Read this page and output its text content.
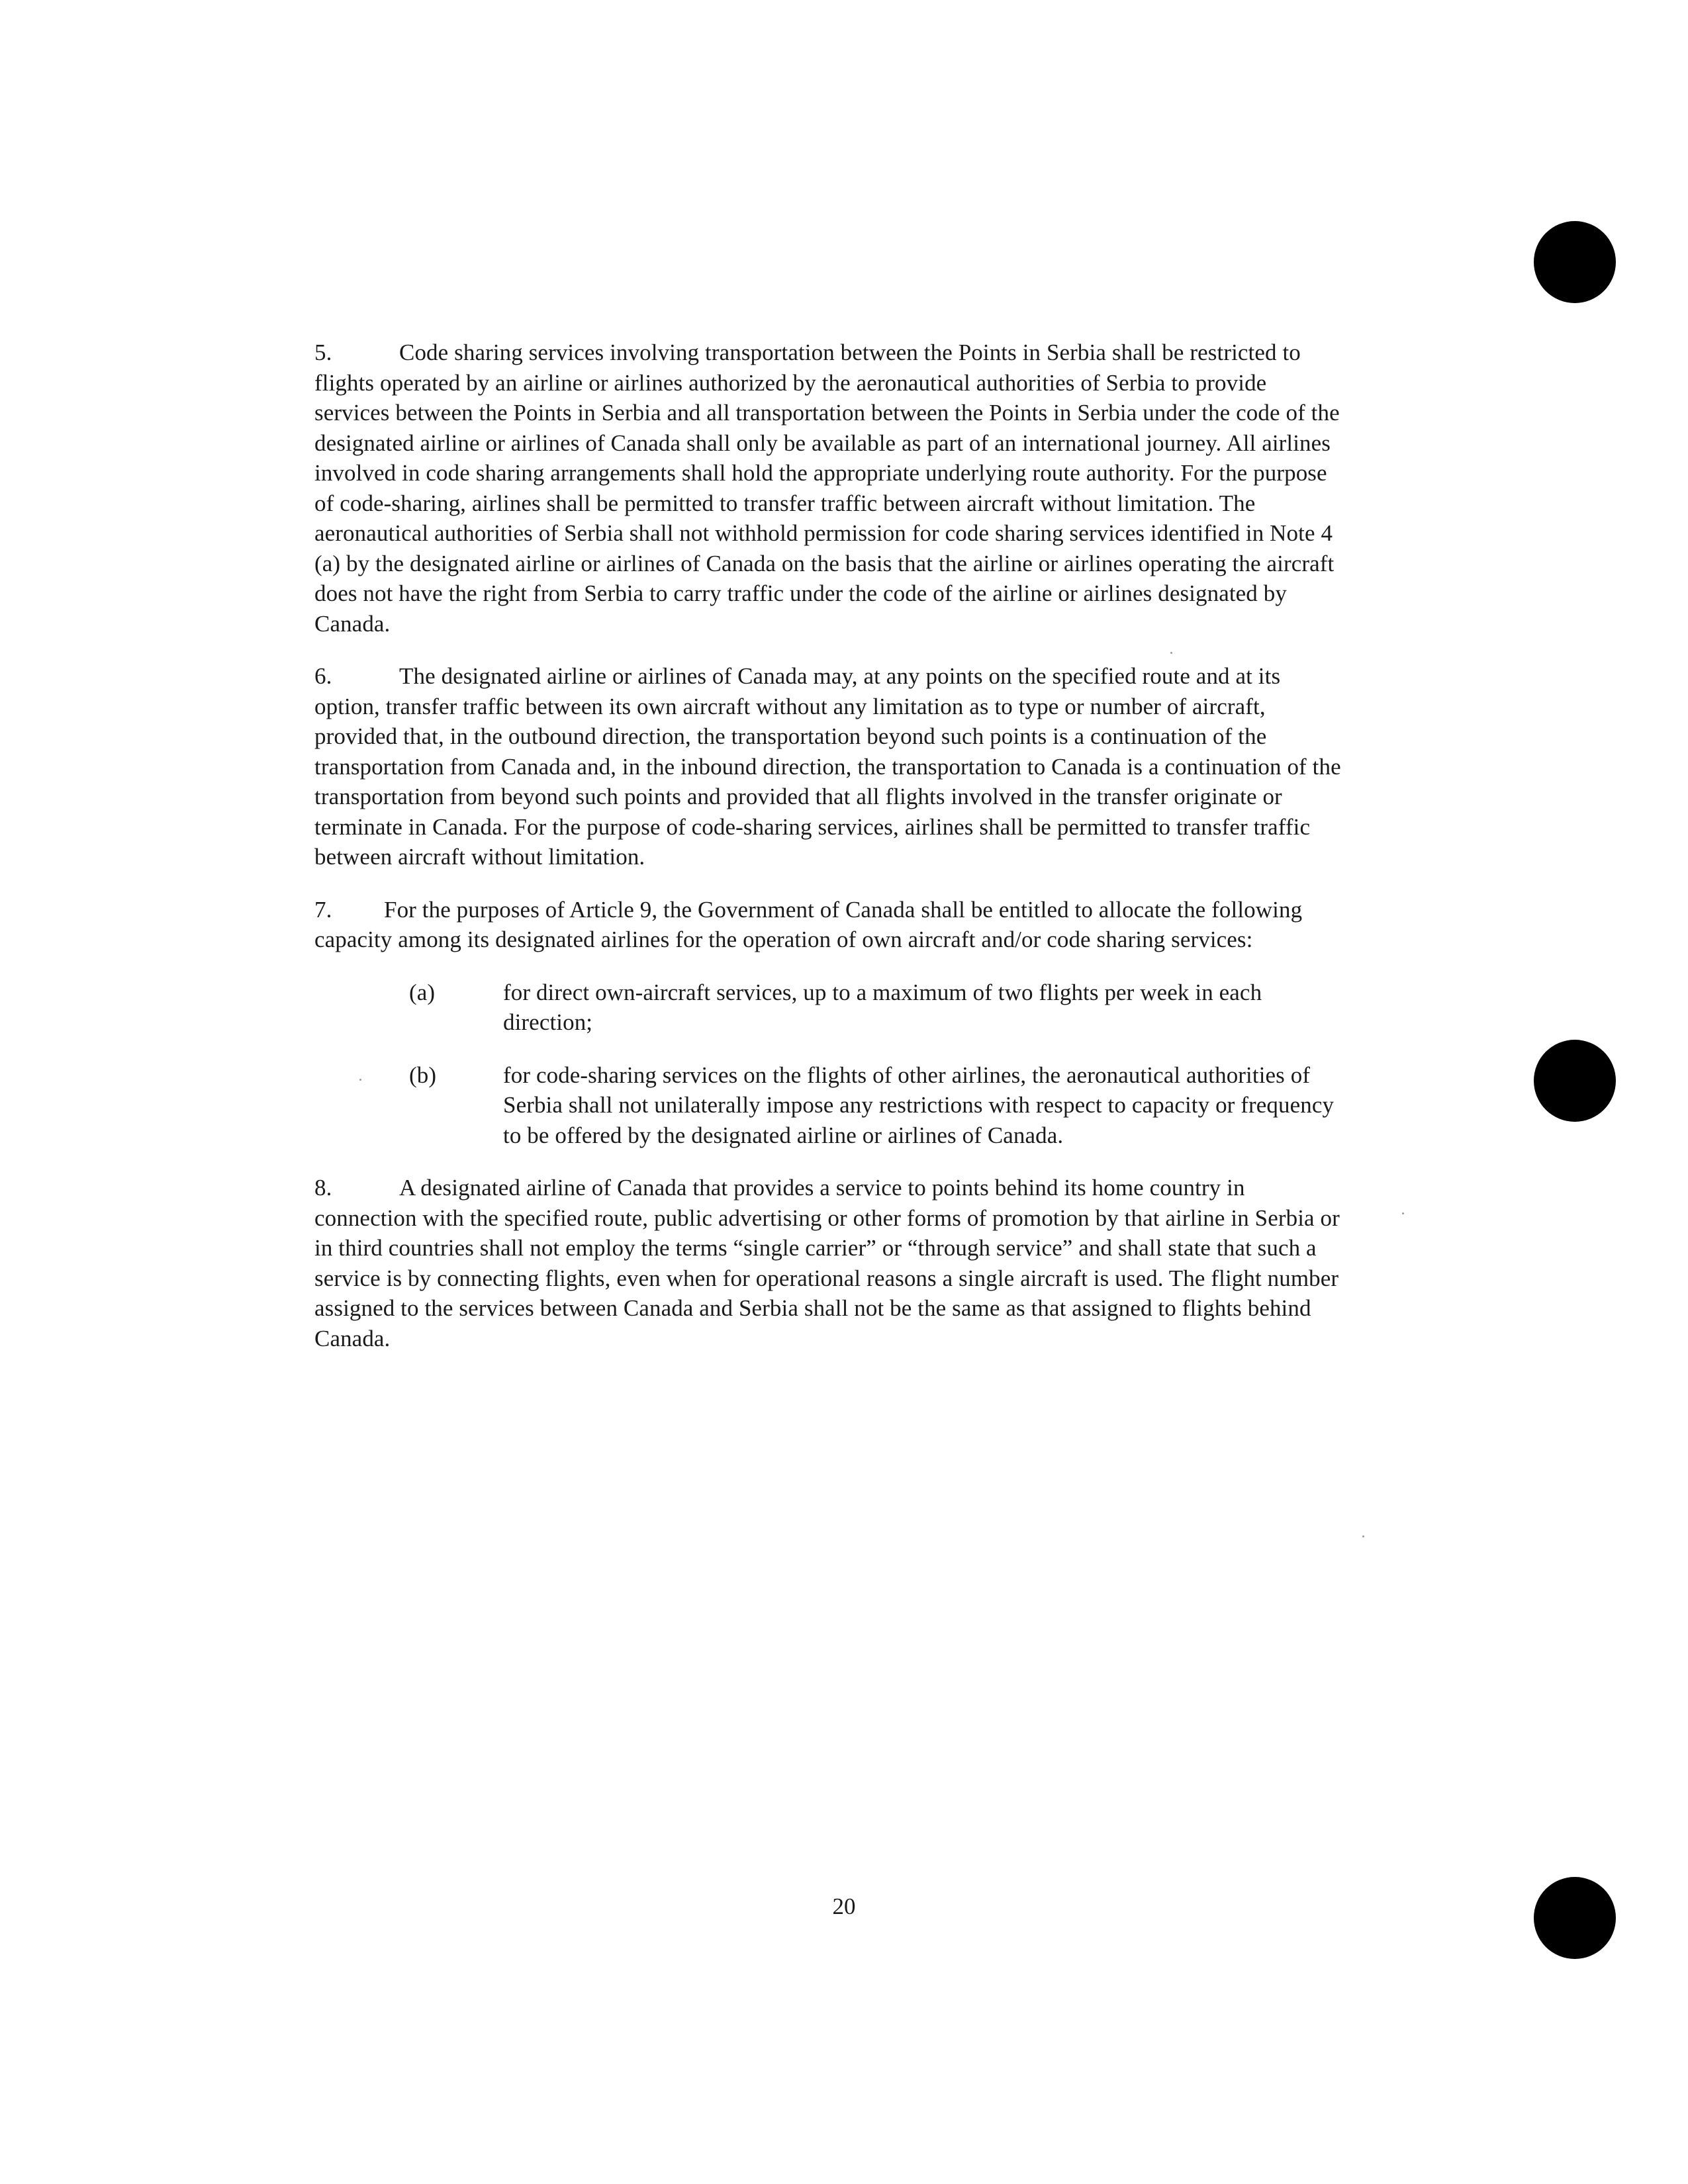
5.	Code sharing services involving transportation between the Points in Serbia shall be restricted to flights operated by an airline or airlines authorized by the aeronautical authorities of Serbia to provide services between the Points in Serbia and all transportation between the Points in Serbia under the code of the designated airline or airlines of Canada shall only be available as part of an international journey. All airlines involved in code sharing arrangements shall hold the appropriate underlying route authority. For the purpose of code-sharing, airlines shall be permitted to transfer traffic between aircraft without limitation. The aeronautical authorities of Serbia shall not withhold permission for code sharing services identified in Note 4 (a) by the designated airline or airlines of Canada on the basis that the airline or airlines operating the aircraft does not have the right from Serbia to carry traffic under the code of the airline or airlines designated by Canada.

6.	The designated airline or airlines of Canada may, at any points on the specified route and at its option, transfer traffic between its own aircraft without any limitation as to type or number of aircraft, provided that, in the outbound direction, the transportation beyond such points is a continuation of the transportation from Canada and, in the inbound direction, the transportation to Canada is a continuation of the transportation from beyond such points and provided that all flights involved in the transfer originate or terminate in Canada. For the purpose of code-sharing services, airlines shall be permitted to transfer traffic between aircraft without limitation.

7. For the purposes of Article 9, the Government of Canada shall be entitled to allocate the following capacity among its designated airlines for the operation of own aircraft and/or code sharing services:

(a)	for direct own-aircraft services, up to a maximum of two flights per week in each direction;
(b)	for code-sharing services on the flights of other airlines, the aeronautical authorities of Serbia shall not unilaterally impose any restrictions with respect to capacity or frequency to be offered by the designated airline or airlines of Canada.

8.	A designated airline of Canada that provides a service to points behind its home country in connection with the specified route, public advertising or other forms of promotion by that airline in Serbia or in third countries shall not employ the terms “single carrier” or “through service” and shall state that such a service is by connecting flights, even when for operational reasons a single aircraft is used. The flight number assigned to the services between Canada and Serbia shall not be the same as that assigned to flights behind Canada.

20
